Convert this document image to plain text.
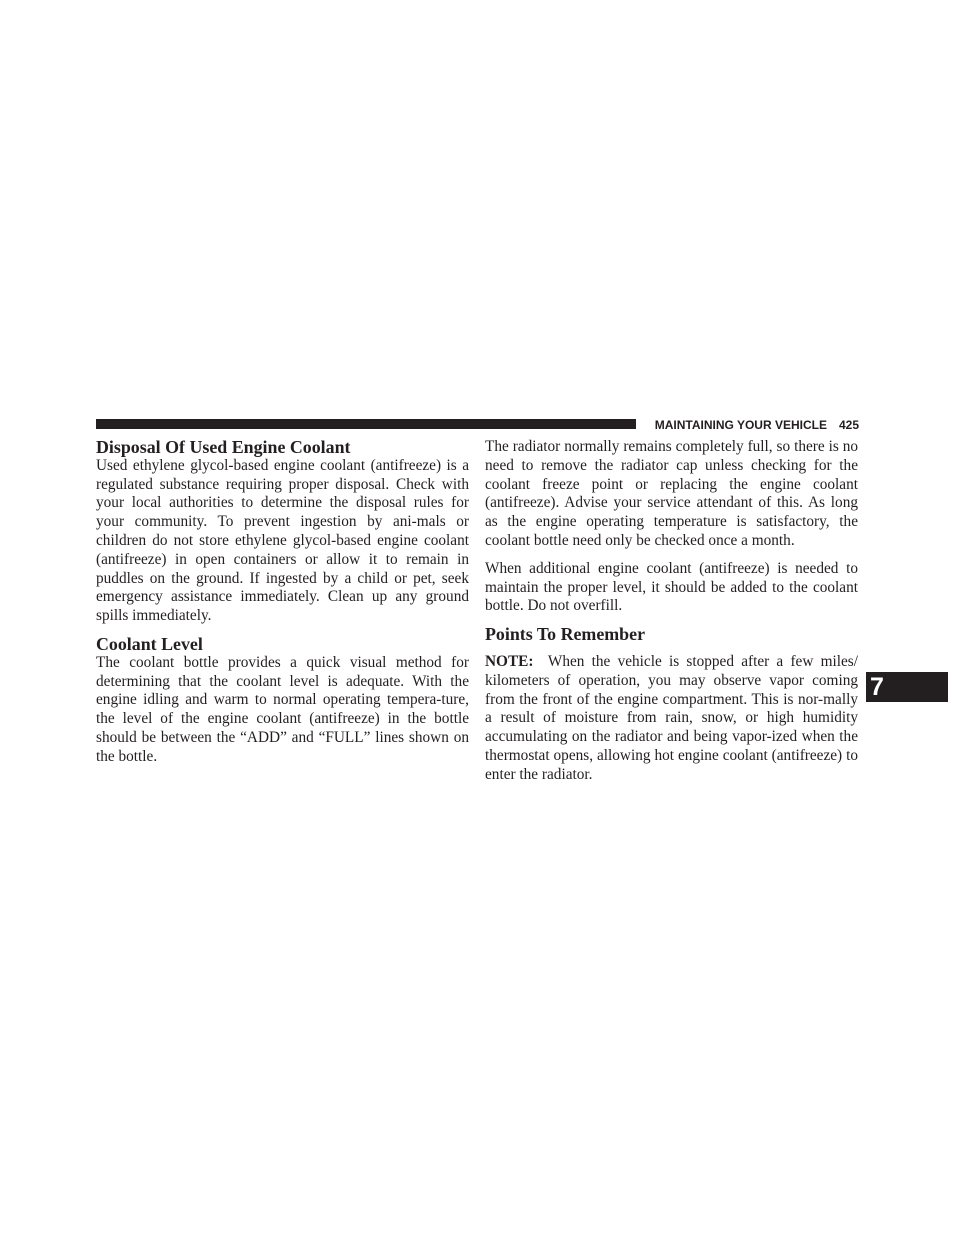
MAINTAINING YOUR VEHICLE 425
Disposal Of Used Engine Coolant

Used ethylene glycol-based engine coolant (antifreeze) is a regulated substance requiring proper disposal. Check with your local authorities to determine the disposal rules for your community. To prevent ingestion by ani-mals or children do not store ethylene glycol-based engine coolant (antifreeze) in open containers or allow it to remain in puddles on the ground. If ingested by a child or pet, seek emergency assistance immediately. Clean up any ground spills immediately.

Coolant Level

The coolant bottle provides a quick visual method for determining that the coolant level is adequate. With the engine idling and warm to normal operating tempera-ture, the level of the engine coolant (antifreeze) in the bottle should be between the “ADD” and “FULL” lines shown on the bottle.

The radiator normally remains completely full, so there is no need to remove the radiator cap unless checking for the coolant freeze point or replacing the engine coolant (antifreeze). Advise your service attendant of this. As long as the engine operating temperature is satisfactory, the coolant bottle need only be checked once a month.

When additional engine coolant (antifreeze) is needed to maintain the proper level, it should be added to the coolant bottle. Do not overfill.

Points To Remember

NOTE: When the vehicle is stopped after a few miles/ kilometers of operation, you may observe vapor coming from the front of the engine compartment. This is nor-mally a result of moisture from rain, snow, or high humidity accumulating on the radiator and being vapor-ized when the thermostat opens, allowing hot engine coolant (antifreeze) to enter the radiator.

7
